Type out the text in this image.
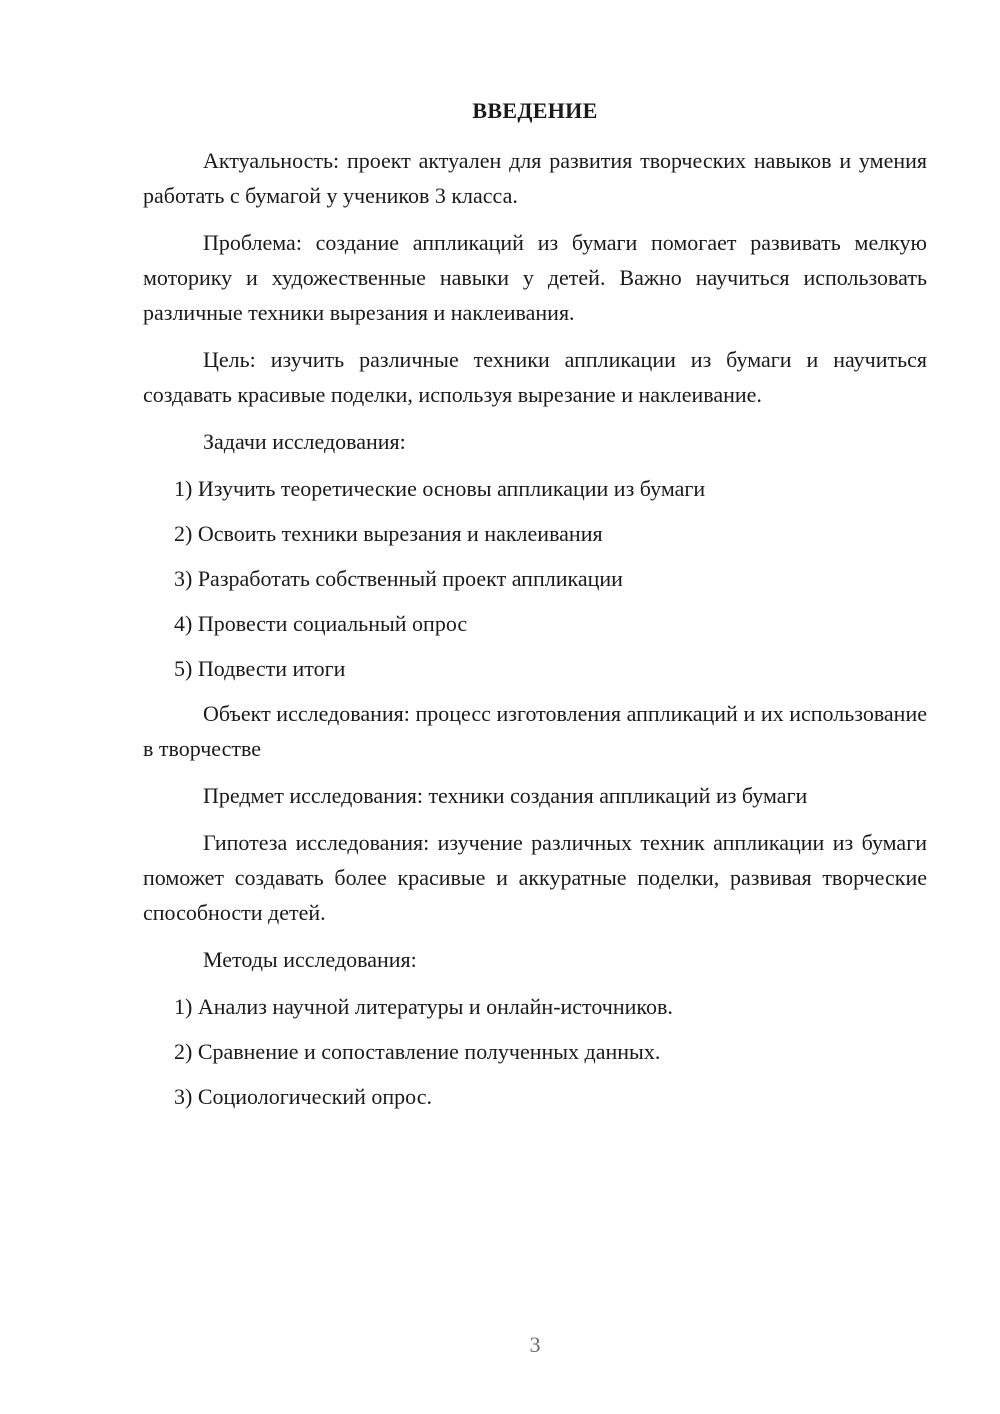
ВВЕДЕНИЕ

Актуальность: проект актуален для развития творческих навыков и умения работать с бумагой у учеников 3 класса.

Проблема: создание аппликаций из бумаги помогает развивать мелкую моторику и художественные навыки у детей. Важно научиться использовать различные техники вырезания и наклеивания.

Цель: изучить различные техники аппликации из бумаги и научиться создавать красивые поделки, используя вырезание и наклеивание.

Задачи исследования:

1) Изучить теоретические основы аппликации из бумаги
2) Освоить техники вырезания и наклеивания
3) Разработать собственный проект аппликации
4) Провести социальный опрос
5) Подвести итоги

Объект исследования: процесс изготовления аппликаций и их использование в творчестве

Предмет исследования: техники создания аппликаций из бумаги

Гипотеза исследования: изучение различных техник аппликации из бумаги поможет создавать более красивые и аккуратные поделки, развивая творческие способности детей.

Методы исследования:

1) Анализ научной литературы и онлайн-источников.
2) Сравнение и сопоставление полученных данных.
3) Социологический опрос.
3
